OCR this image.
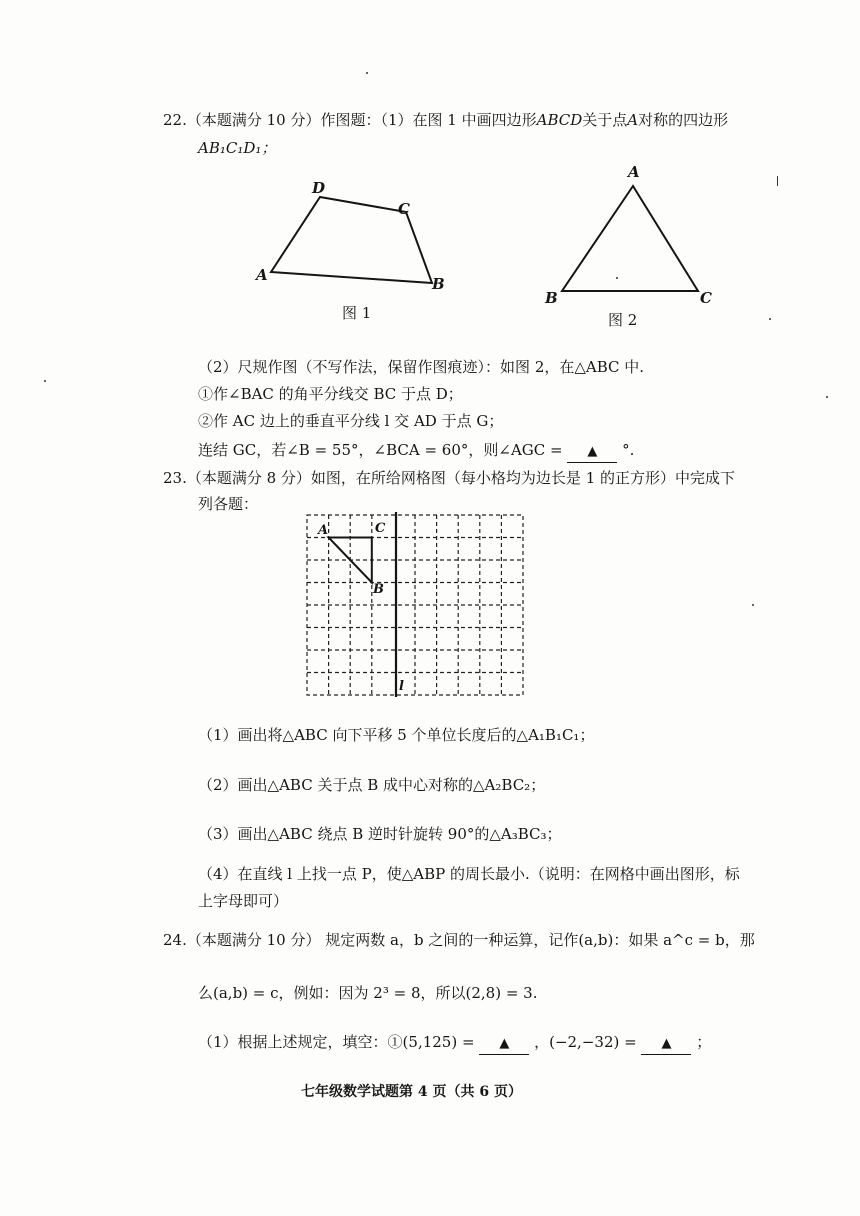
22.（本题满分 10 分）作图题：（1）在图 1 中画四边形ABCD关于点A对称的四边形
AB₁C₁D₁；
D
C
A	B
图 1
A
B	C
图 2
（2）尺规作图（不写作法，保留作图痕迹）：如图 2，在△ABC 中.
①作∠BAC 的角平分线交 BC 于点 D；
②作 AC 边上的垂直平分线 l 交 AD 于点 G；
连结 GC，若∠B = 55°，∠BCA = 60°，则∠AGC = ▲ °.
23.（本题满分 8 分）如图，在所给网格图（每小格均为边长是 1 的正方形）中完成下
列各题：
A	C
B
l
（1）画出将△ABC 向下平移 5 个单位长度后的△A₁B₁C₁；
（2）画出△ABC 关于点 B 成中心对称的△A₂BC₂；
（3）画出△ABC 绕点 B 逆时针旋转 90°的△A₃BC₃；
（4）在直线 l 上找一点 P，使△ABP 的周长最小.（说明：在网格中画出图形，标
上字母即可）
24.（本题满分 10 分） 规定两数 a，b 之间的一种运算，记作(a,b)：如果 a^c = b，那
么(a,b) = c，例如：因为 2³ = 8，所以(2,8) = 3.
（1）根据上述规定，填空：①(5,125) = ▲ ，(−2,−32) = ▲ ；
七年级数学试题第 4 页（共 6 页）
